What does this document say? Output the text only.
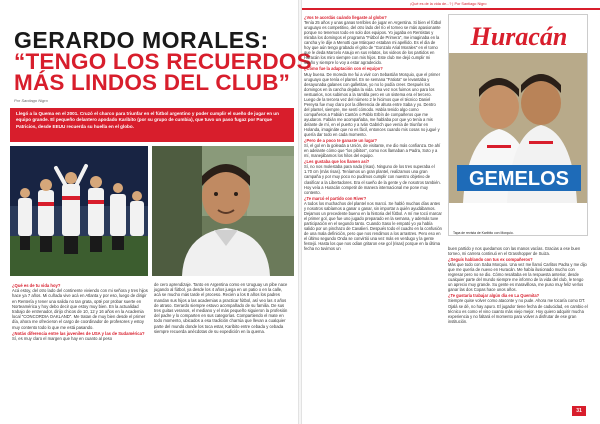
GERARDO MORALES:
“TENGO LOS RECUERDOS
MÁS LINDOS DEL CLUB”
Por Santiago Nigro
Llegó a la Quema en el 2001. Cruzó el charco para triunfar en el fútbol argentino y poder cumplir el sueño de jugar en un equipo grande. El pequeño delantero apodado Karibito (por su grupo de cumbia), que tuvo un paso fugaz por Parque Patricios, desde EEUU recuerda su huella en el globo.
¿Qué es de tu vida hoy?
Acá estoy, del otro lado del continente viviendo con mi señora y tres hijos hace ya 7 años. Mi cuñada vive acá en Atlanta y por eso, luego de dirigir en Rentería y tener una salida no tan grata, opté por probar suerte en Norteamérica y hoy debo decir que estoy muy bien. En la actualidad trabajo de entrenador, dirijo chicos de 10, 12 y 16 años en la Academia local "CONCORDIA OAKLAND". Me tratan de muy bien desde el primer día, ahora me ofrecieron el cargo de coordinador de profesores y estoy muy contento todo lo que me está pasando.
¿Notás diferencia entre las juveniles de USA y las de Sudamérica?
Sí, es muy claro el margen que hay en cuanto al peso
de cero aprendizaje. Tanto en Argentina como en Uruguay un pibe nace jugando al fútbol, ya desde los 4 años juega en un patio o en la calle, acá se mucho más tarde el proceso. Recién a los 8 años los padres mandan sus hijos a las academias a practicar fútbol, así veo las 4 años de atraso. Gerardo siempre estuvo acompañado de su familia. De sus tres guitas veranos, el mediano y el más pequeño siguieron la profesión del padre y lo comparten en sus categorías. Compartiendo el mate en todo momento, ubicados a esa tradición charrúa que llevan a cualquier parte del mundo donde los toca estar, Karibito entre cebada y cebada siempre recuerda anécdotas de su expedición en la quema.
¡Qué es de la vida de...? | Por Santiago Nigro
¿Vos te acordás cuándo llegaste al globo?
Tenía 25 años y unas ganas terribles de jugar en Argentina. Si bien el fútbol uruguayo es competitivo, del otro lado del río el torneo se más apasionante porque no tenemos todo en solo dos equipos. Yo jugaba en Rentistas y miraba los domingos el programa "Fútbol de Primera", me imaginaba en la cancha y le dije a Menotti que Márquez estaban mi apellido. Es el dia de hoy que aún tengo grabado el grito de "Gonzalo Arial Morales" en el torno que le deda Marcelo Araujo en sus relatos, los videos de los partidos en Huracán los miro siempre con mis hijos. Este club me dejó cumplir mi sueño y siempre lo voy a estar agradecido.
¿Cómo fue la adaptación con el equipo?
Muy buena. De moreda me fui a vivir con Sebastián Morquio, que el primer uruguayo que tenía el plantel. En se semana "Fatiota" se levantaba y desayunaba galanes con galletitas, yo no lo podía creer. Después los domingos en la cancha dejaba la vida. Una vez nos fuimos uno para los vestuarios, nos subimos a la rambla pero en un sistema era el tercero. Luego de la tercera vez del número 2 le hicimos que el técnico Daniel Pereyra fue muy claro por la diferencia de altura entre Saba y yo. Dentro del plantel, siempre, me sentí cómodo. Había tenido algo como compañeros a Fabián Cantón o Pablo Erbín de compañeros que me ayudaron. Fabián me acompañaba, me hablaba por que yo tenía a mis delante de mí, en el puerto y a Iván Gabrich que venía de triunfar en Holanda, imagináte que no es fácil, entonces cuando mis cosas no jugué y quería dar todo en cada momento.
¿Pero de a poco te ganaste un lugar?
Sí, el gol en la goleada a Unión, de visitante, me dio más confianza. De ahí en adelante cómo que "los pibitos", como nos llamaban a Padra, Soto y a mí, manejábamos los hilos del equipo.
¿Les gustaba que los llamen así?
Sí, no nos molestaba para nada (risas). Ninguno de los tres superaba el 1.70 cm (más risas). Teníamos un gran plantel, realizamos una gran campaña y por muy poco no pudimos cumplir con nuestro objetivo de clasificar a la Libertadores. Era el sueño de la gente y de nosotros también. Hoy veía a Huracán competir de manera internacional me pone muy contento.
¿Te marcó el partido con River?
A todos los muchachos del plantel nos marcó. Se habló muchas días antes y nosotros sabíamos a ganar o ganar, sin importar a quién ayudábamos. Dejamos un precedente bueno en la historia del fútbol. A mí me tocó marcar el primer gol, que fue uno jugado preparado en la semana, y además tuve participación en el segundo tanto. Cuando Saso le empató yo ya había salido por un pinchazo de Cavalieri. Después todo el cuadro en la confusión de una mala definición, pero que nos rendimos a los arrastres. Pero eso en el último segundo Onda se convirtió una vez más en verdugo y la gente festejó. Hasta los que nos odian gritaron ese gol (risas) porque en la última fecha no tuvimos un
Huracán
GEMELOS
Tapa de revista de Karibito con Morquio.
buen partido y nos quedamos con las manos vacías. Gracias a ese buen torneo, mi carrera continuó en el Grasshopper de Suiza.
¿Seguís hablando con tus ex compañeros?
Más que todo con Saba Morquio. Una vez me llamó Carlitos Padra y me dijo que me quería de nuevo en Huracán. Me había ilusionado mucho con regresar pero no se dio. Cómo resaltaba en la respuesta anterior, desde cualquier parte del mundo siempre me informo de la vida del club, le tengo un aprecio muy grande. Su gente es maravillosa, me puso muy feliz verlos ganar las dos Copas hace unos años.
¿Te gustaría trabajar algún día en La Quemita?
Siempre quise volver como ataconte y no pude. Ahora me tocaría como DT. Ojalá se dé, no hay apuro. El jugador tiene fecha de caducidad, en cambio el técnico es como el vino cuanto más viejo mejor. Hoy quiero adquirir mucha experiencia y no faltará el momento para volver a disfrutar de ese gran institución.
31
